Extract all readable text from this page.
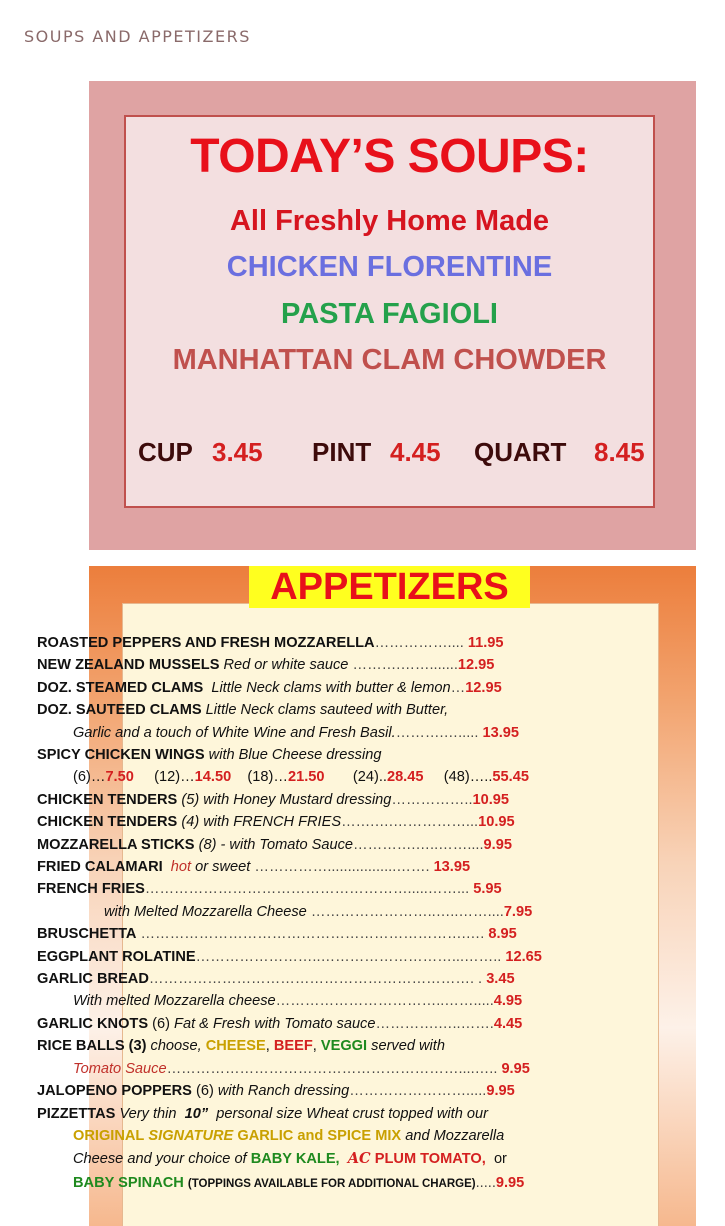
SOUPS AND APPETIZERS
TODAY’S SOUPS:
All Freshly Home Made
CHICKEN FLORENTINE
PASTA FAGIOLI
MANHATTAN CLAM CHOWDER
CUP 3.45 PINT 4.45 QUART 8.45
APPETIZERS
ROASTED PEPPERS AND FRESH MOZZARELLA…………….... 11.95
NEW ZEALAND MUSSELS Red or white sauce ……….…….......12.95
DOZ. STEAMED CLAMS Little Neck clams with butter & lemon…12.95
DOZ. SAUTEED CLAMS Little Neck clams sauteed with Butter,
Garlic and a touch of White Wine and Fresh Basil.……….…..... 13.95
SPICY CHICKEN WINGS with Blue Cheese dressing
(6)…7.50 (12)…14.50 (18)…21.50 (24)..28.45 (48)…..55.45
CHICKEN TENDERS (5) with Honey Mustard dressing……………..10.95
CHICKEN TENDERS (4) with FRENCH FRIES…….….……………...10.95
MOZZARELLA STICKS (8) - with Tomato Sauce………….…..……....9.95
FRIED CALAMARI hot or sweet …………….................……. 13.95
FRENCH FRIES……………………………………………….....……... 5.95
with Melted Mozzarella Cheese ……………………..…..……....7.95
BRUSCHETTA ………………………………………………………….…. 8.95
EGGPLANT ROLATINE……………………..………………………...…….. 12.65
GARLIC BREAD…………………………………………………………. . 3.45
With melted Mozzarella cheese……………………………..…….....4.95
GARLIC KNOTS (6) Fat & Fresh with Tomato sauce………….…..…….4.45
RICE BALLS (3) choose, CHEESE, BEEF, VEGGI served with
Tomato Sauce……………………………………………………....….. 9.95
JALOPENO POPPERS (6) with Ranch dressing…………………….....9.95
PIZZETTAS Very thin 10” personal size Wheat crust topped with our
ORIGINAL SIGNATURE GARLIC and SPICE MIX and Mozzarella
Cheese and your choice of BABY KALE, AC PLUM TOMATO, or
BABY SPINACH (TOPPINGS AVAILABLE FOR ADDITIONAL CHARGE).....9.95
